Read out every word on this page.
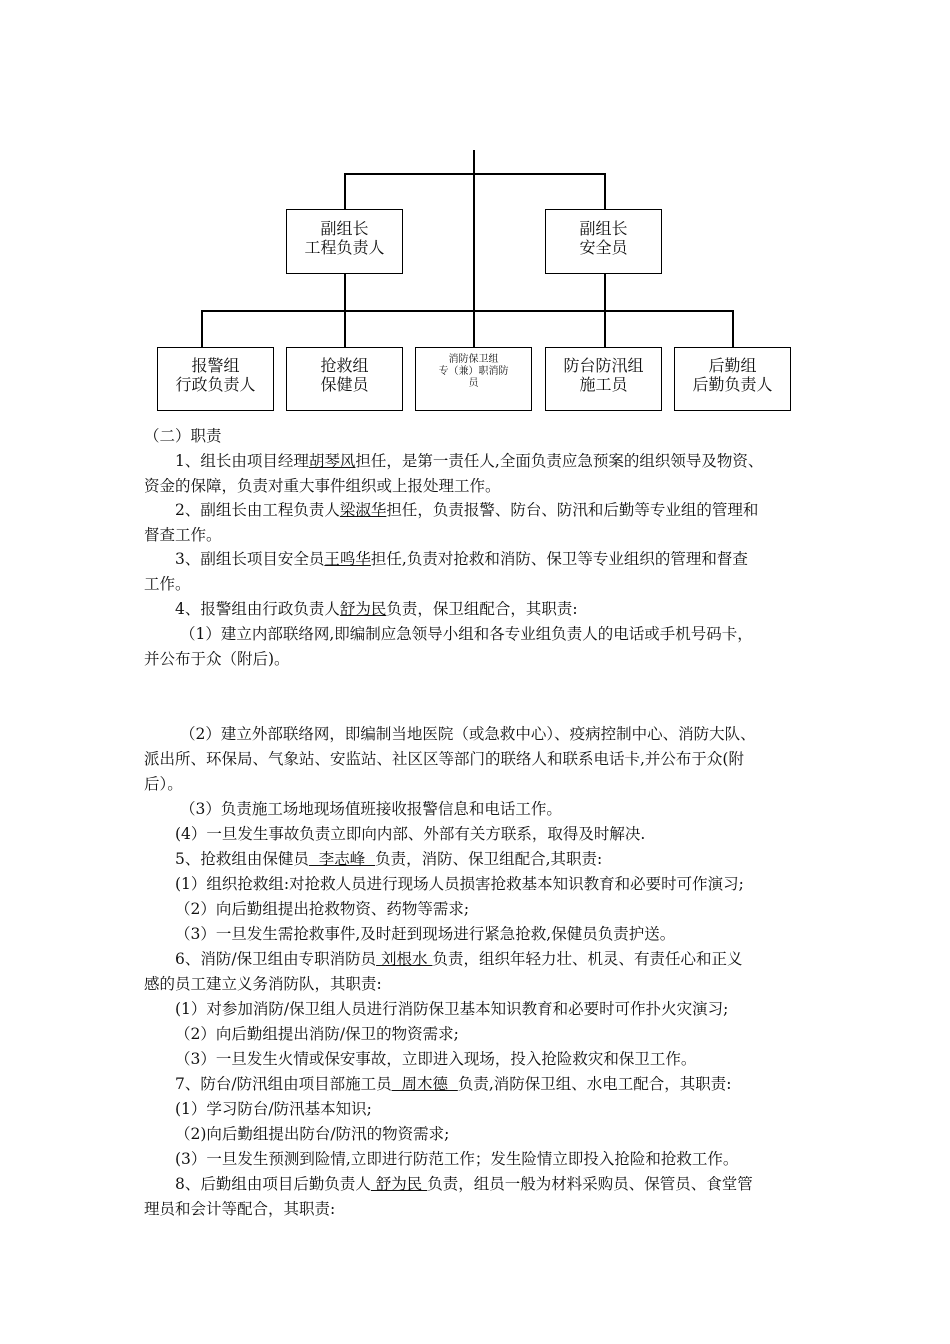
副组长
工程负责人
副组长
安全员
报警组
行政负责人
抢救组
保健员
消防保卫组
专（兼）职消防
员
防台防汛组
施工员
后勤组
后勤负责人
（二）职责
1、组长由项目经理胡琴风担任，是第一责任人,全面负责应急预案的组织领导及物资、
资金的保障，负责对重大事件组织或上报处理工作。
2、副组长由工程负责人梁淑华担任，负责报警、防台、防汛和后勤等专业组的管理和
督查工作。
3、副组长项目安全员王鸣华担任,负责对抢救和消防、保卫等专业组织的管理和督查
工作。
4、报警组由行政负责人舒为民负责，保卫组配合，其职责:
（1）建立内部联络网,即编制应急领导小组和各专业组负责人的电话或手机号码卡，
并公布于众（附后)。
（2）建立外部联络网，即编制当地医院（或急救中心）、疫病控制中心、消防大队、
派出所、环保局、气象站、安监站、社区区等部门的联络人和联系电话卡,并公布于众(附
后）。
（3）负责施工场地现场值班接收报警信息和电话工作。
(4）一旦发生事故负责立即向内部、外部有关方联系，取得及时解决.
5、抢救组由保健员  李志峰  负责，消防、保卫组配合,其职责:
(1）组织抢救组:对抢救人员进行现场人员损害抢救基本知识教育和必要时可作演习;
（2）向后勤组提出抢救物资、药物等需求;
（3）一旦发生需抢救事件,及时赶到现场进行紧急抢救,保健员负责护送。
6、消防/保卫组由专职消防员 刘根水 负责，组织年轻力壮、机灵、有责任心和正义
感的员工建立义务消防队，其职责:
(1）对参加消防/保卫组人员进行消防保卫基本知识教育和必要时可作扑火灾演习;
（2）向后勤组提出消防/保卫的物资需求;
（3）一旦发生火情或保安事故，立即进入现场，投入抢险救灾和保卫工作。
7、防台/防汛组由项目部施工员  周木德  负责,消防保卫组、水电工配合，其职责:
(1）学习防台/防汛基本知识;
（2)向后勤组提出防台/防汛的物资需求;
(3）一旦发生预测到险情,立即进行防范工作；发生险情立即投入抢险和抢救工作。
8、后勤组由项目后勤负责人 舒为民 负责，组员一般为材料采购员、保管员、食堂管
理员和会计等配合，其职责:
